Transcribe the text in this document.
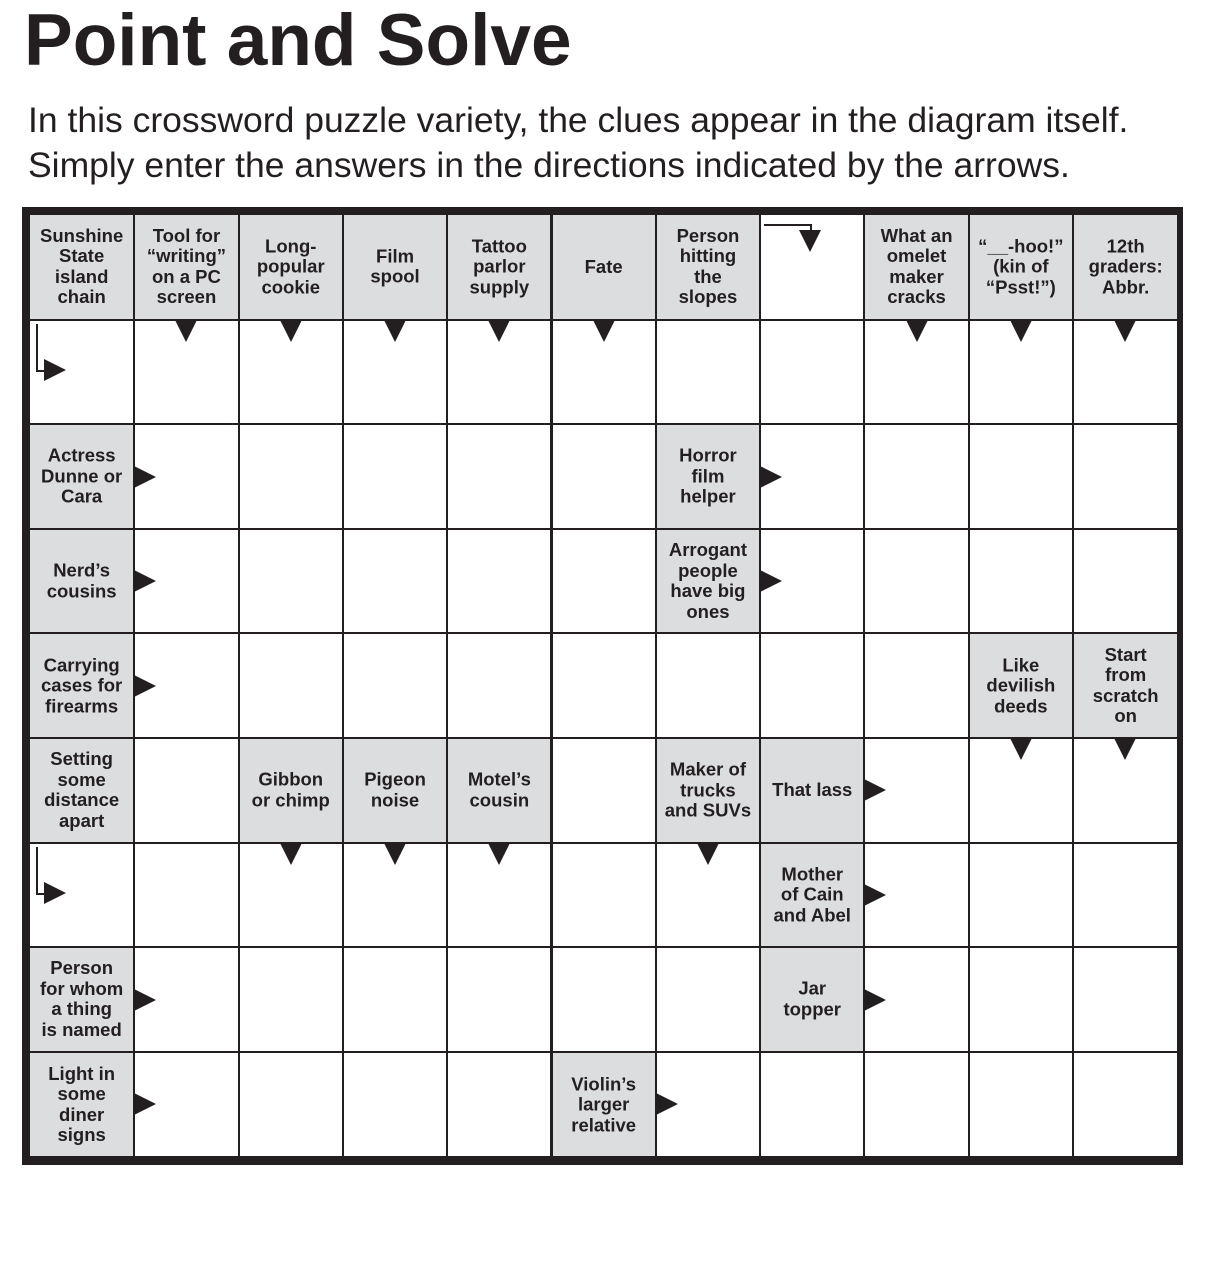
Point and Solve
In this crossword puzzle variety, the clues appear in the diagram itself.
Simply enter the answers in the directions indicated by the arrows.
Sunshine
State
island
chain
Tool for
“writing”
on a PC
screen
Long-
popular
cookie
Film
spool
Tattoo
parlor
supply
Fate
Person
hitting
the
slopes
What an
omelet
maker
cracks
“__-hoo!”
(kin of
“Psst!”)
12th
graders:
Abbr.
Actress
Dunne or
Cara
Horror
film
helper
Nerd’s
cousins
Arrogant
people
have big
ones
Carrying
cases for
firearms
Like
devilish
deeds
Start
from
scratch
on
Setting
some
distance
apart
Gibbon
or chimp
Pigeon
noise
Motel’s
cousin
Maker of
trucks
and SUVs
That lass
Mother
of Cain
and Abel
Person
for whom
a thing
is named
Jar
topper
Light in
some
diner
signs
Violin’s
larger
relative
